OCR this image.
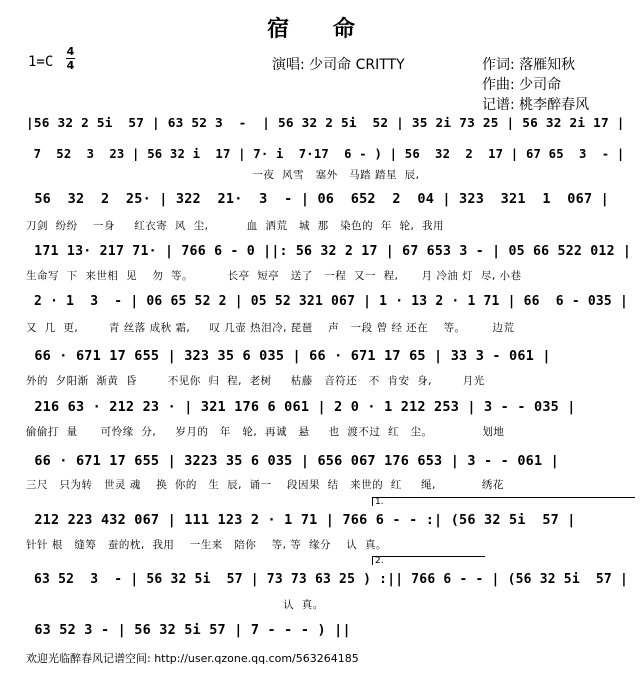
宿 命
1=C
4
4	演唱: 少司命 CRITTY	作词: 落雁知秋
作曲: 少司命
记谱: 桃李醉春风
|56 32 2 5i  57 | 63 52 3  -  | 56 32 2 5i  52 | 35 2i 73 25 | 56 32 2i 17 |
7  52  3  23 | 56 32 i  17 | 7· i  7·17  6 - ) | 56  32  2  17 | 67 65  3  - |
一夜  风雪   塞外   马踏 踏星  辰,
56  32  2  25· | 322  21·  3  - | 06  652  2  04 | 323  321  1  067 |
刀剑  纷纷    一身     红衣寄  风  尘,          血  洒荒   城  那   染色的  年  轮,  我用
171 13· 217 71· | 766 6 - 0 ||: 56 32 2 17 | 67 653 3 - | 05 66 522 012 |
生命写  下  来世相  见    勿  等。         长亭  短亭   送了   一程  又一  程,      月 冷油 灯  尽, 小巷
2 · 1  3  - | 06 65 52 2 | 05 52 321 067 | 1 · 13 2 · 1 71 | 66  6 - 035 |
又  几  更,        青 丝落 成秋 霜,     叹 几壶 热泪冷, 琵琶    声   一段 曾 经 还在    等。       边荒
66 · 671 17 655 | 323 35 6 035 | 66 · 671 17 65 | 33 3 - 061 |
外的  夕阳渐  渐黄  昏        不见你  归  程,  老树     枯藤   音符还   不  肯安  身,        月光
216 63 · 212 23 · | 321 176 6 061 | 2 0 · 1 212 253 | 3 - - 035 |
偷偷打  量      可怜缘  分,     岁月的   年   轮,  再诚   悬     也  渡不过  红   尘。             划地
66 · 671 17 655 | 3223 35 6 035 | 656 067 176 653 | 3 - - 061 |
三尺   只为转   世灵 魂    换  你的   生  辰,  诵一    段因果  结   来世的  红     绳,            绣花
1.
212 223 432 067 | 111 123 2 · 1 71 | 766 6 - - :| (56 32 5i  57 |
针针 根   缝筹   蚕的枕,  我用    一生来   陪你    等, 等  缘分    认  真。
2.
63 52  3  - | 56 32 5i  57 | 73 73 63 25 ) :|| 766 6 - - | (56 32 5i  57 |
认  真。
63 52 3 - | 56 32 5i 57 | 7 - - - ) ||
欢迎光临醉春风记谱空间: http://user.qzone.qq.com/563264185
